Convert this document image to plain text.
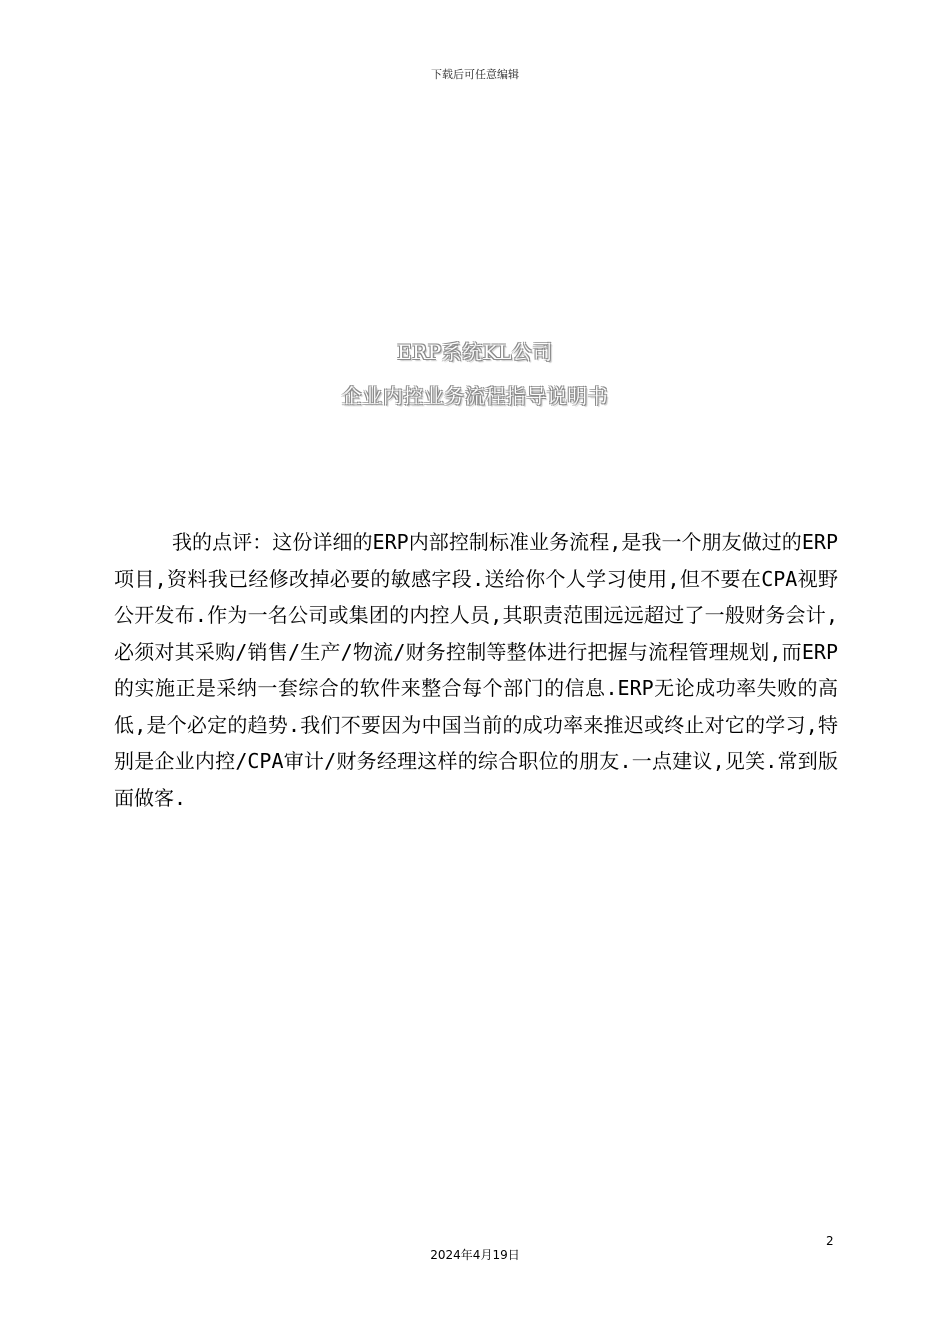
下载后可任意编辑
ERP系统KL公司
企业内控业务流程指导说明书

我的点评：这份详细的ERP内部控制标准业务流程,是我一个朋友做过的ERP项目,资料我已经修改掉必要的敏感字段.送给你个人学习使用,但不要在CPA视野公开发布.作为一名公司或集团的内控人员,其职责范围远远超过了一般财务会计,必须对其采购/销售/生产/物流/财务控制等整体进行把握与流程管理规划,而ERP的实施正是采纳一套综合的软件来整合每个部门的信息.ERP无论成功率失败的高低,是个必定的趋势.我们不要因为中国当前的成功率来推迟或终止对它的学习,特别是企业内控/CPA审计/财务经理这样的综合职位的朋友.一点建议,见笑.常到版面做客.

2
2024年4月19日
